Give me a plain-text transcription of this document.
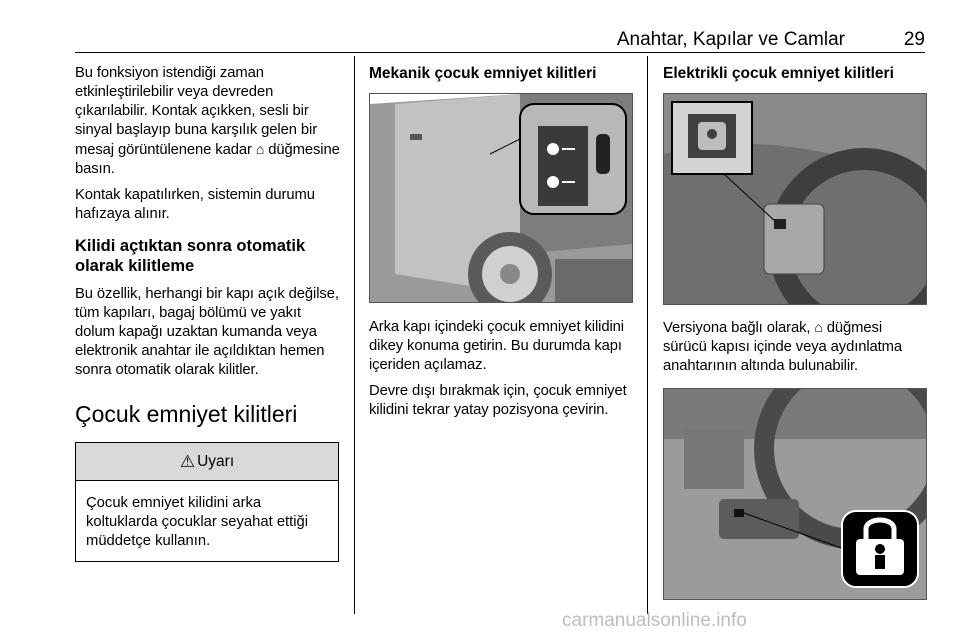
Anahtar, Kapılar ve Camlar	29

Bu fonksiyon istendiği zaman etkinleştirilebilir veya devreden çıkarılabilir. Kontak açıkken, sesli bir sinyal başlayıp buna karşılık gelen bir mesaj görüntülenene kadar ⌂ düğmesine basın.

Kontak kapatılırken, sistemin durumu hafızaya alınır.

Kilidi açtıktan sonra otomatik olarak kilitleme

Bu özellik, herhangi bir kapı açık değilse, tüm kapıları, bagaj bölümü ve yakıt dolum kapağı uzaktan kumanda veya elektronik anahtar ile açıldıktan hemen sonra otomatik olarak kilitler.

Çocuk emniyet kilitleri
⚠ Uyarı
Çocuk emniyet kilidini arka koltuklarda çocuklar seyahat ettiği müddetçe kullanın.
Mekanik çocuk emniyet kilitleri

Arka kapı içindeki çocuk emniyet kilidini dikey konuma getirin. Bu durumda kapı içeriden açılamaz.

Devre dışı bırakmak için, çocuk emniyet kilidini tekrar yatay pozisyona çevirin.

Elektrikli çocuk emniyet kilitleri

Versiyona bağlı olarak, ⌂ düğmesi sürücü kapısı içinde veya aydınlatma anahtarının altında bulunabilir.

carmanualsonline.info
